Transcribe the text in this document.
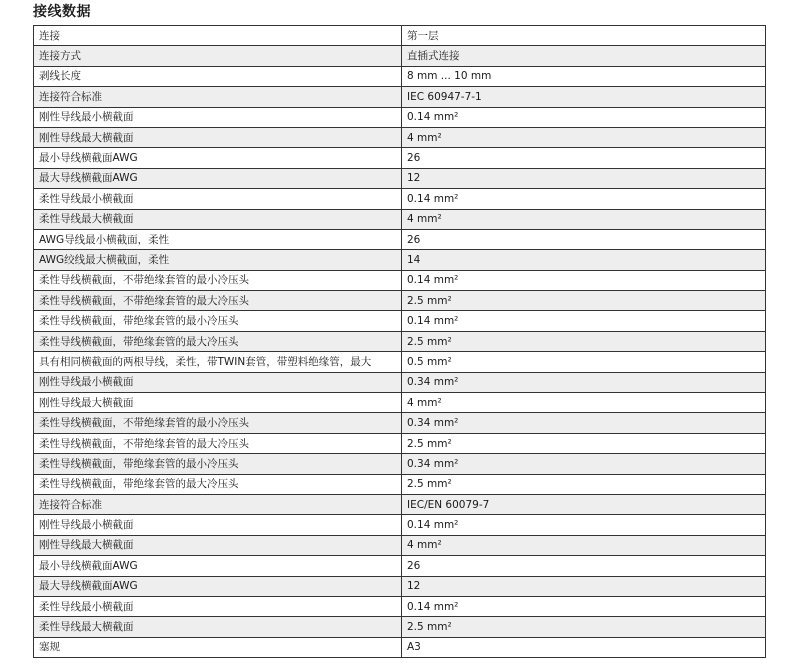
接线数据
连接	第一层
连接方式	直插式连接
剥线长度	8 mm ... 10 mm
连接符合标准	IEC 60947-7-1
刚性导线最小横截面	0.14 mm²
刚性导线最大横截面	4 mm²
最小导线横截面AWG	26
最大导线横截面AWG	12
柔性导线最小横截面	0.14 mm²
柔性导线最大横截面	4 mm²
AWG导线最小横截面，柔性	26
AWG绞线最大横截面，柔性	14
柔性导线横截面，不带绝缘套管的最小冷压头	0.14 mm²
柔性导线横截面，不带绝缘套管的最大冷压头	2.5 mm²
柔性导线横截面，带绝缘套管的最小冷压头	0.14 mm²
柔性导线横截面，带绝缘套管的最大冷压头	2.5 mm²
具有相同横截面的两根导线，柔性，带TWIN套管，带塑料绝缘管，最大	0.5 mm²
刚性导线最小横截面	0.34 mm²
刚性导线最大横截面	4 mm²
柔性导线横截面，不带绝缘套管的最小冷压头	0.34 mm²
柔性导线横截面，不带绝缘套管的最大冷压头	2.5 mm²
柔性导线横截面，带绝缘套管的最小冷压头	0.34 mm²
柔性导线横截面，带绝缘套管的最大冷压头	2.5 mm²
连接符合标准	IEC/EN 60079-7
刚性导线最小横截面	0.14 mm²
刚性导线最大横截面	4 mm²
最小导线横截面AWG	26
最大导线横截面AWG	12
柔性导线最小横截面	0.14 mm²
柔性导线最大横截面	2.5 mm²
塞规	A3
